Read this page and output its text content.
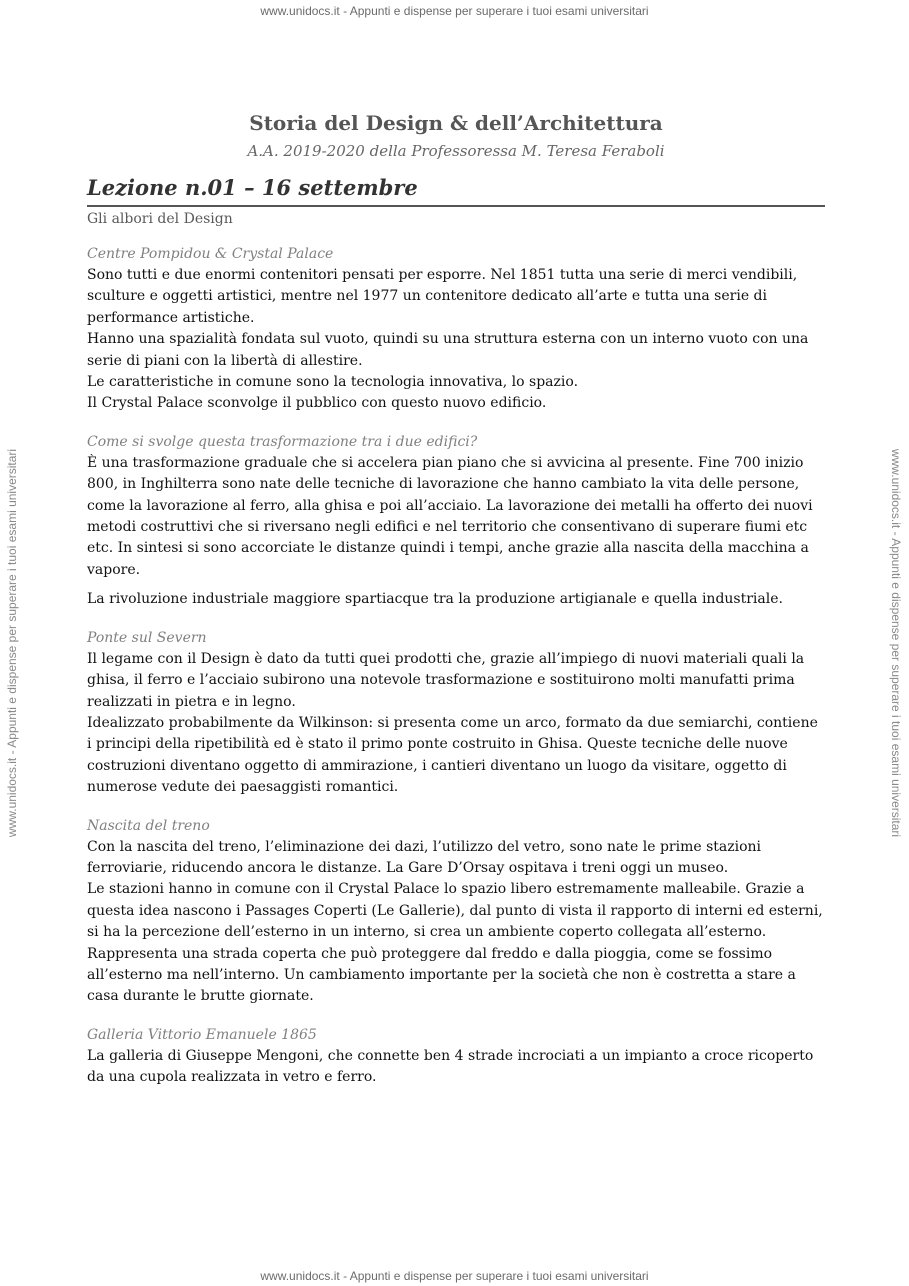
www.unidocs.it - Appunti e dispense per superare i tuoi esami universitari
www.unidocs.it - Appunti e dispense per superare i tuoi esami universitari	www.unidocs.it - Appunti e dispense per superare i tuoi esami universitari
www.unidocs.it - Appunti e dispense per superare i tuoi esami universitari
Storia del Design & dell’Architettura
A.A. 2019-2020 della Professoressa M. Teresa Feraboli
Lezione n.01 – 16 settembre
Gli albori del Design
Centre Pompidou & Crystal Palace

Sono tutti e due enormi contenitori pensati per esporre. Nel 1851 tutta una serie di merci vendibili, sculture e oggetti artistici, mentre nel 1977 un contenitore dedicato all’arte e tutta una serie di performance artistiche.

Hanno una spazialità fondata sul vuoto, quindi su una struttura esterna con un interno vuoto con una serie di piani con la libertà di allestire.

Le caratteristiche in comune sono la tecnologia innovativa, lo spazio.

Il Crystal Palace sconvolge il pubblico con questo nuovo edificio.

Come si svolge questa trasformazione tra i due edifici?

È una trasformazione graduale che si accelera pian piano che si avvicina al presente. Fine 700 inizio 800, in Inghilterra sono nate delle tecniche di lavorazione che hanno cambiato la vita delle persone, come la lavorazione al ferro, alla ghisa e poi all’acciaio. La lavorazione dei metalli ha offerto dei nuovi metodi costruttivi che si riversano negli edifici e nel territorio che consentivano di superare fiumi etc etc. In sintesi si sono accorciate le distanze quindi i tempi, anche grazie alla nascita della macchina a vapore.

La rivoluzione industriale maggiore spartiacque tra la produzione artigianale e quella industriale.

Ponte sul Severn

Il legame con il Design è dato da tutti quei prodotti che, grazie all’impiego di nuovi materiali quali la ghisa, il ferro e l’acciaio subirono una notevole trasformazione e sostituirono molti manufatti prima realizzati in pietra e in legno.

Idealizzato probabilmente da Wilkinson: si presenta come un arco, formato da due semiarchi, contiene i principi della ripetibilità ed è stato il primo ponte costruito in Ghisa. Queste tecniche delle nuove costruzioni diventano oggetto di ammirazione, i cantieri diventano un luogo da visitare, oggetto di numerose vedute dei paesaggisti romantici.

Nascita del treno

Con la nascita del treno, l’eliminazione dei dazi, l’utilizzo del vetro, sono nate le prime stazioni ferroviarie, riducendo ancora le distanze. La Gare D’Orsay ospitava i treni oggi un museo.

Le stazioni hanno in comune con il Crystal Palace lo spazio libero estremamente malleabile. Grazie a questa idea nascono i Passages Coperti (Le Gallerie), dal punto di vista il rapporto di interni ed esterni, si ha la percezione dell’esterno in un interno, si crea un ambiente coperto collegata all’esterno. Rappresenta una strada coperta che può proteggere dal freddo e dalla pioggia, come se fossimo all’esterno ma nell’interno. Un cambiamento importante per la società che non è costretta a stare a casa durante le brutte giornate.

Galleria Vittorio Emanuele 1865

La galleria di Giuseppe Mengoni, che connette ben 4 strade incrociati a un impianto a croce ricoperto da una cupola realizzata in vetro e ferro.
